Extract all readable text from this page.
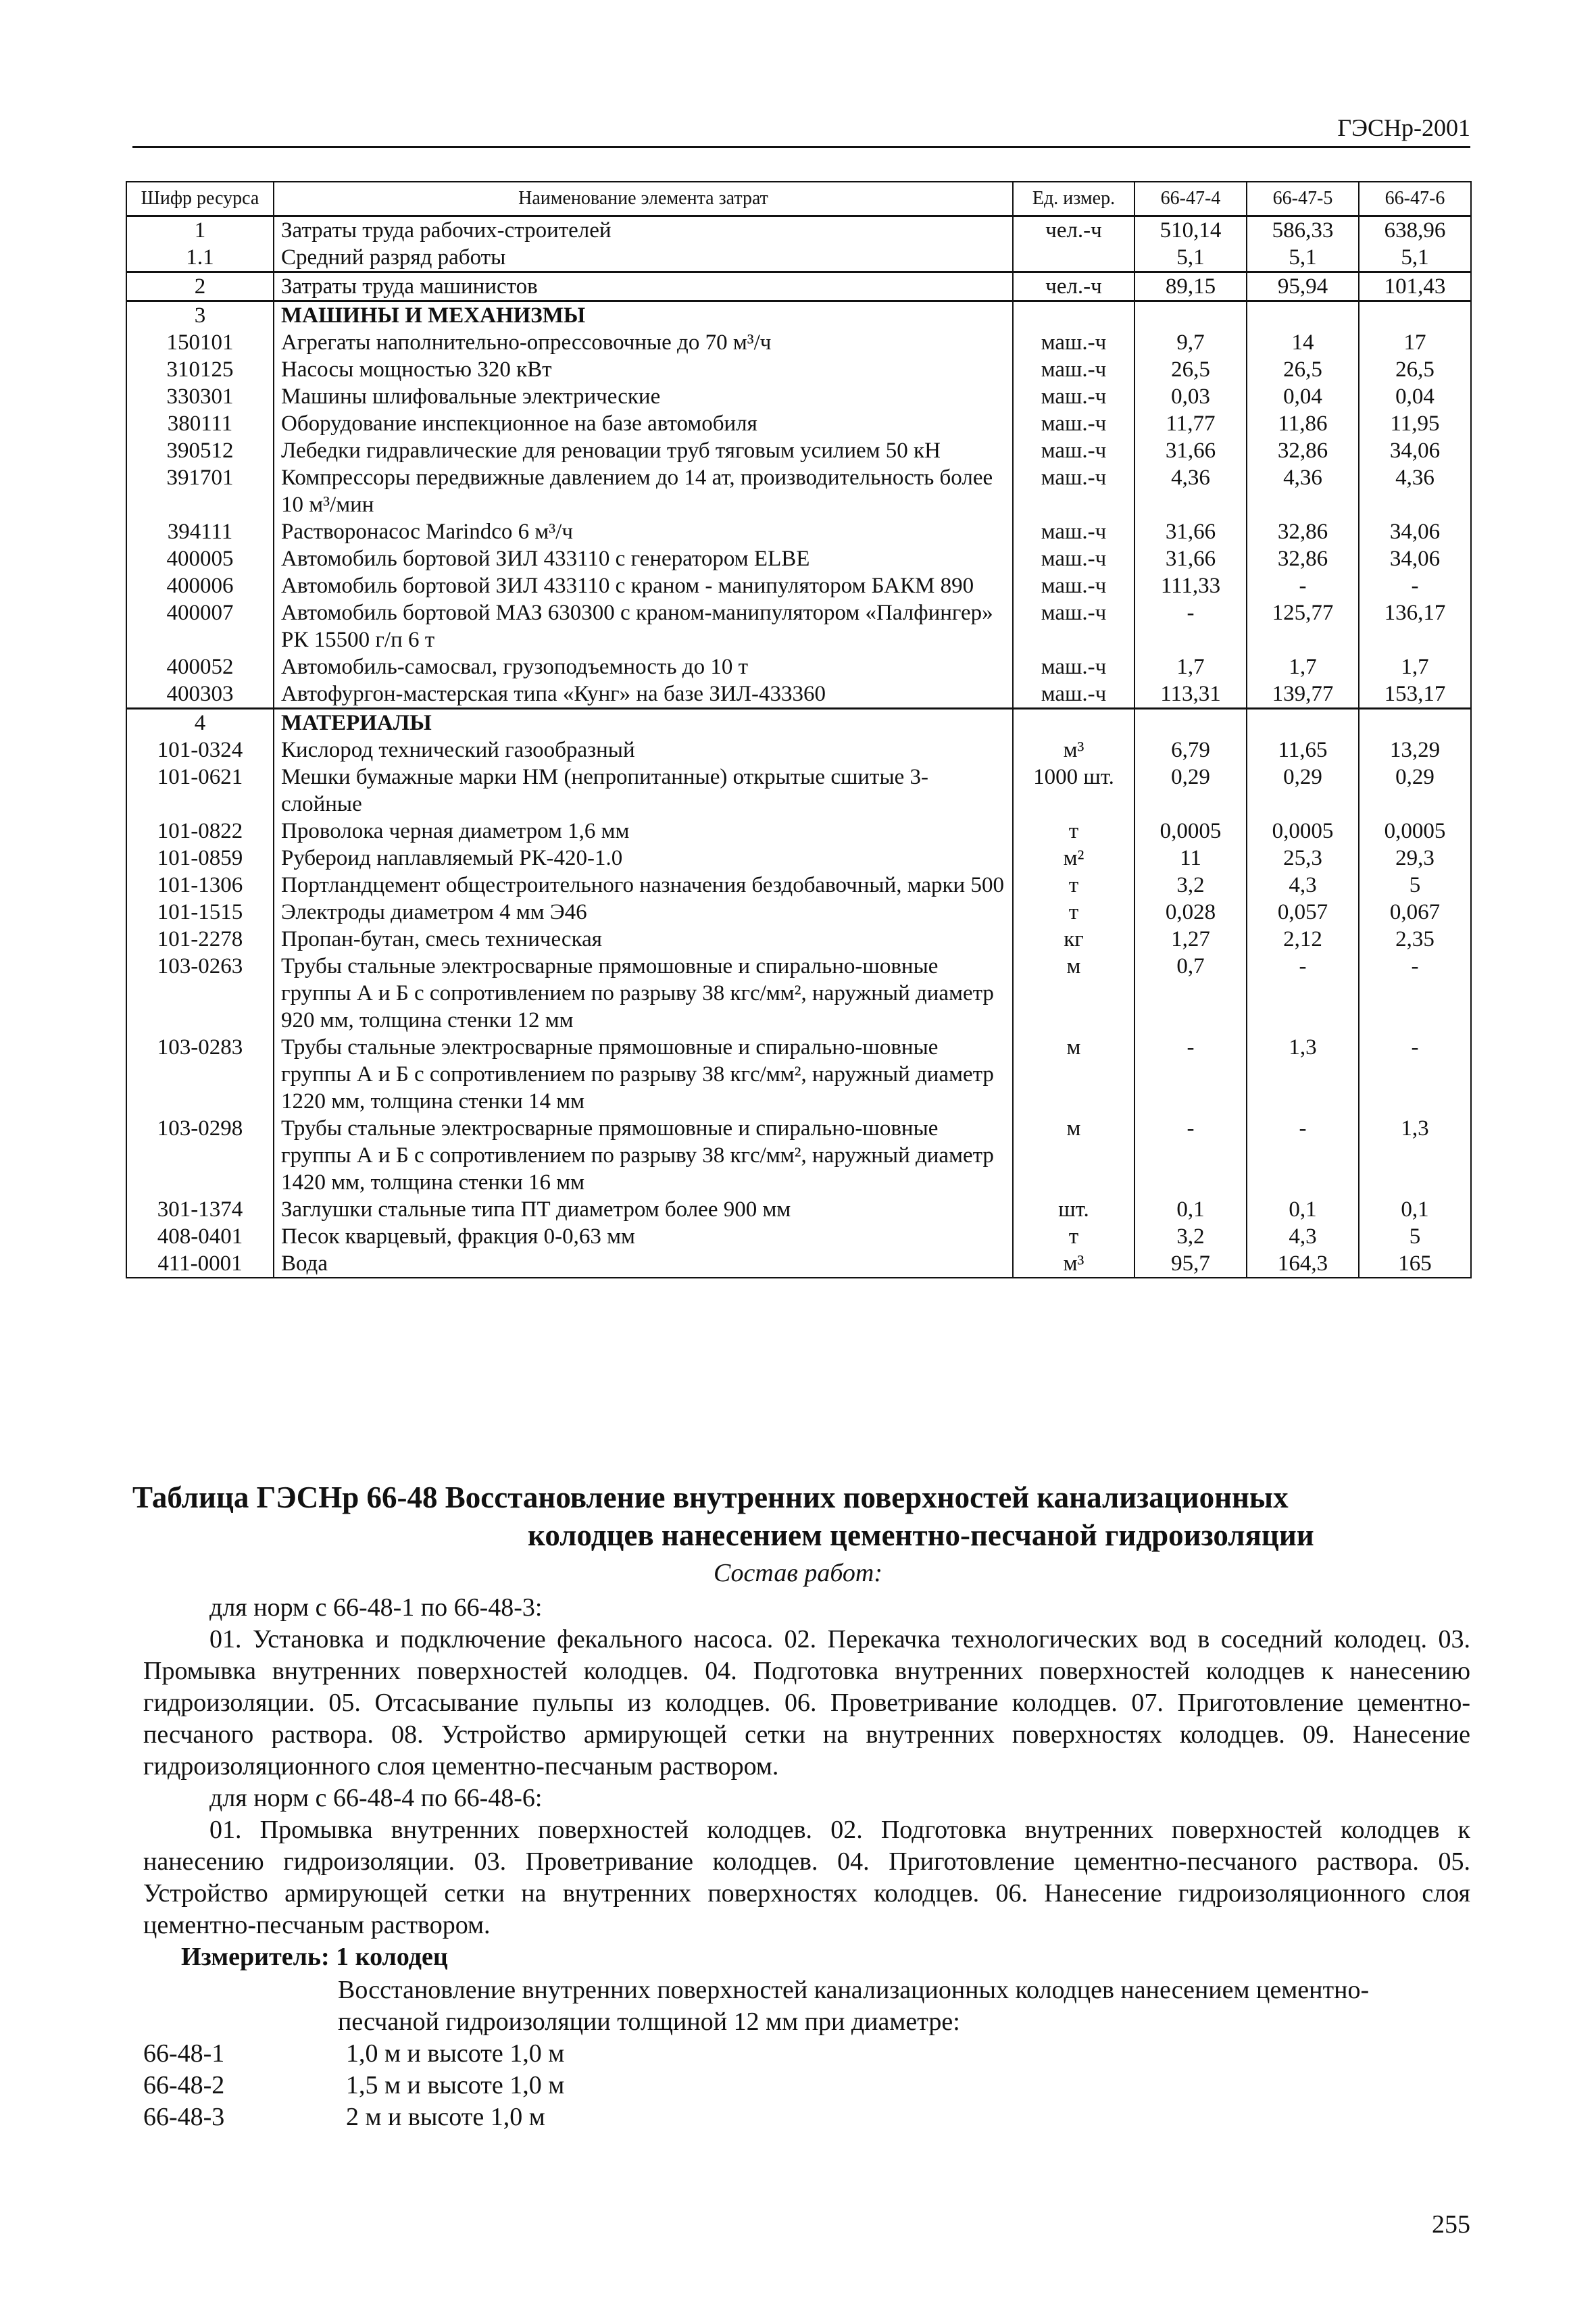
ГЭСНр-2001
Шифр ресурса	Наименование элемента затрат	Ед. измер.	66-47-4	66-47-5	66-47-6
1	Затраты труда рабочих-строителей	чел.-ч	510,14	586,33	638,96
1.1	Средний разряд работы		5,1	5,1	5,1
2	Затраты труда машинистов	чел.-ч	89,15	95,94	101,43
3	МАШИНЫ И МЕХАНИЗМЫ				
150101	Агрегаты наполнительно-опрессовочные до 70 м³/ч	маш.-ч	9,7	14	17
310125	Насосы мощностью 320 кВт	маш.-ч	26,5	26,5	26,5
330301	Машины шлифовальные электрические	маш.-ч	0,03	0,04	0,04
380111	Оборудование инспекционное на базе автомобиля	маш.-ч	11,77	11,86	11,95
390512	Лебедки гидравлические для реновации труб тяговым усилием 50 кН	маш.-ч	31,66	32,86	34,06
391701	Компрессоры передвижные давлением до 14 ат, производительность более 10 м³/мин	маш.-ч	4,36	4,36	4,36
394111	Растворонасос Marindco 6 м³/ч	маш.-ч	31,66	32,86	34,06
400005	Автомобиль бортовой ЗИЛ 433110 с генератором ELBE	маш.-ч	31,66	32,86	34,06
400006	Автомобиль бортовой ЗИЛ 433110 с краном - манипулятором БАКМ 890	маш.-ч	111,33	-	-
400007	Автомобиль бортовой МАЗ 630300 с краном-манипулятором «Палфингер» РК 15500 г/п 6 т	маш.-ч	-	125,77	136,17
400052	Автомобиль-самосвал, грузоподъемность до 10 т	маш.-ч	1,7	1,7	1,7
400303	Автофургон-мастерская типа «Кунг» на базе ЗИЛ-433360	маш.-ч	113,31	139,77	153,17
4	МАТЕРИАЛЫ				
101-0324	Кислород технический газообразный	м³	6,79	11,65	13,29
101-0621	Мешки бумажные марки НМ (непропитанные) открытые сшитые 3-слойные	1000 шт.	0,29	0,29	0,29
101-0822	Проволока черная диаметром 1,6 мм	т	0,0005	0,0005	0,0005
101-0859	Рубероид наплавляемый РК-420-1.0	м²	11	25,3	29,3
101-1306	Портландцемент общестроительного назначения бездобавочный, марки 500	т	3,2	4,3	5
101-1515	Электроды диаметром 4 мм Э46	т	0,028	0,057	0,067
101-2278	Пропан-бутан, смесь техническая	кг	1,27	2,12	2,35
103-0263	Трубы стальные электросварные прямошовные и спирально-шовные группы А и Б с сопротивлением по разрыву 38 кгс/мм², наружный диаметр 920 мм, толщина стенки 12 мм	м	0,7	-	-
103-0283	Трубы стальные электросварные прямошовные и спирально-шовные группы А и Б с сопротивлением по разрыву 38 кгс/мм², наружный диаметр 1220 мм, толщина стенки 14 мм	м	-	1,3	-
103-0298	Трубы стальные электросварные прямошовные и спирально-шовные группы А и Б с сопротивлением по разрыву 38 кгс/мм², наружный диаметр 1420 мм, толщина стенки 16 мм	м	-	-	1,3
301-1374	Заглушки стальные типа ПТ диаметром более 900 мм	шт.	0,1	0,1	0,1
408-0401	Песок кварцевый, фракция 0-0,63 мм	т	3,2	4,3	5
411-0001	Вода	м³	95,7	164,3	165
Таблица ГЭСНр 66-48 Восстановление внутренних поверхностей канализационных
колодцев нанесением цементно-песчаной гидроизоляции
Состав работ:

для норм с 66-48-1 по 66-48-3:

01. Установка и подключение фекального насоса. 02. Перекачка технологических вод в соседний колодец. 03. Промывка внутренних поверхностей колодцев. 04. Подготовка внутренних поверхностей колодцев к нанесению гидроизоляции. 05. Отсасывание пульпы из колодцев. 06. Проветривание колодцев. 07. Приготовление цементно-песчаного раствора. 08. Устройство армирующей сетки на внутренних поверхностях колодцев. 09. Нанесение гидроизоляционного слоя цементно-песчаным раствором.

для норм с 66-48-4 по 66-48-6:

01. Промывка внутренних поверхностей колодцев. 02. Подготовка внутренних поверхностей колодцев к нанесению гидроизоляции. 03. Проветривание колодцев. 04. Приготовление цементно-песчаного раствора. 05. Устройство армирующей сетки на внутренних поверхностях колодцев. 06. Нанесение гидроизоляционного слоя цементно-песчаным раствором.

Измеритель: 1 колодец

Восстановление внутренних поверхностей канализационных колодцев нанесением цементно-песчаной гидроизоляции толщиной 12 мм при диаметре:
66-48-1	1,0 м и высоте 1,0 м
66-48-2	1,5 м и высоте 1,0 м
66-48-3	2 м и высоте 1,0 м
255
